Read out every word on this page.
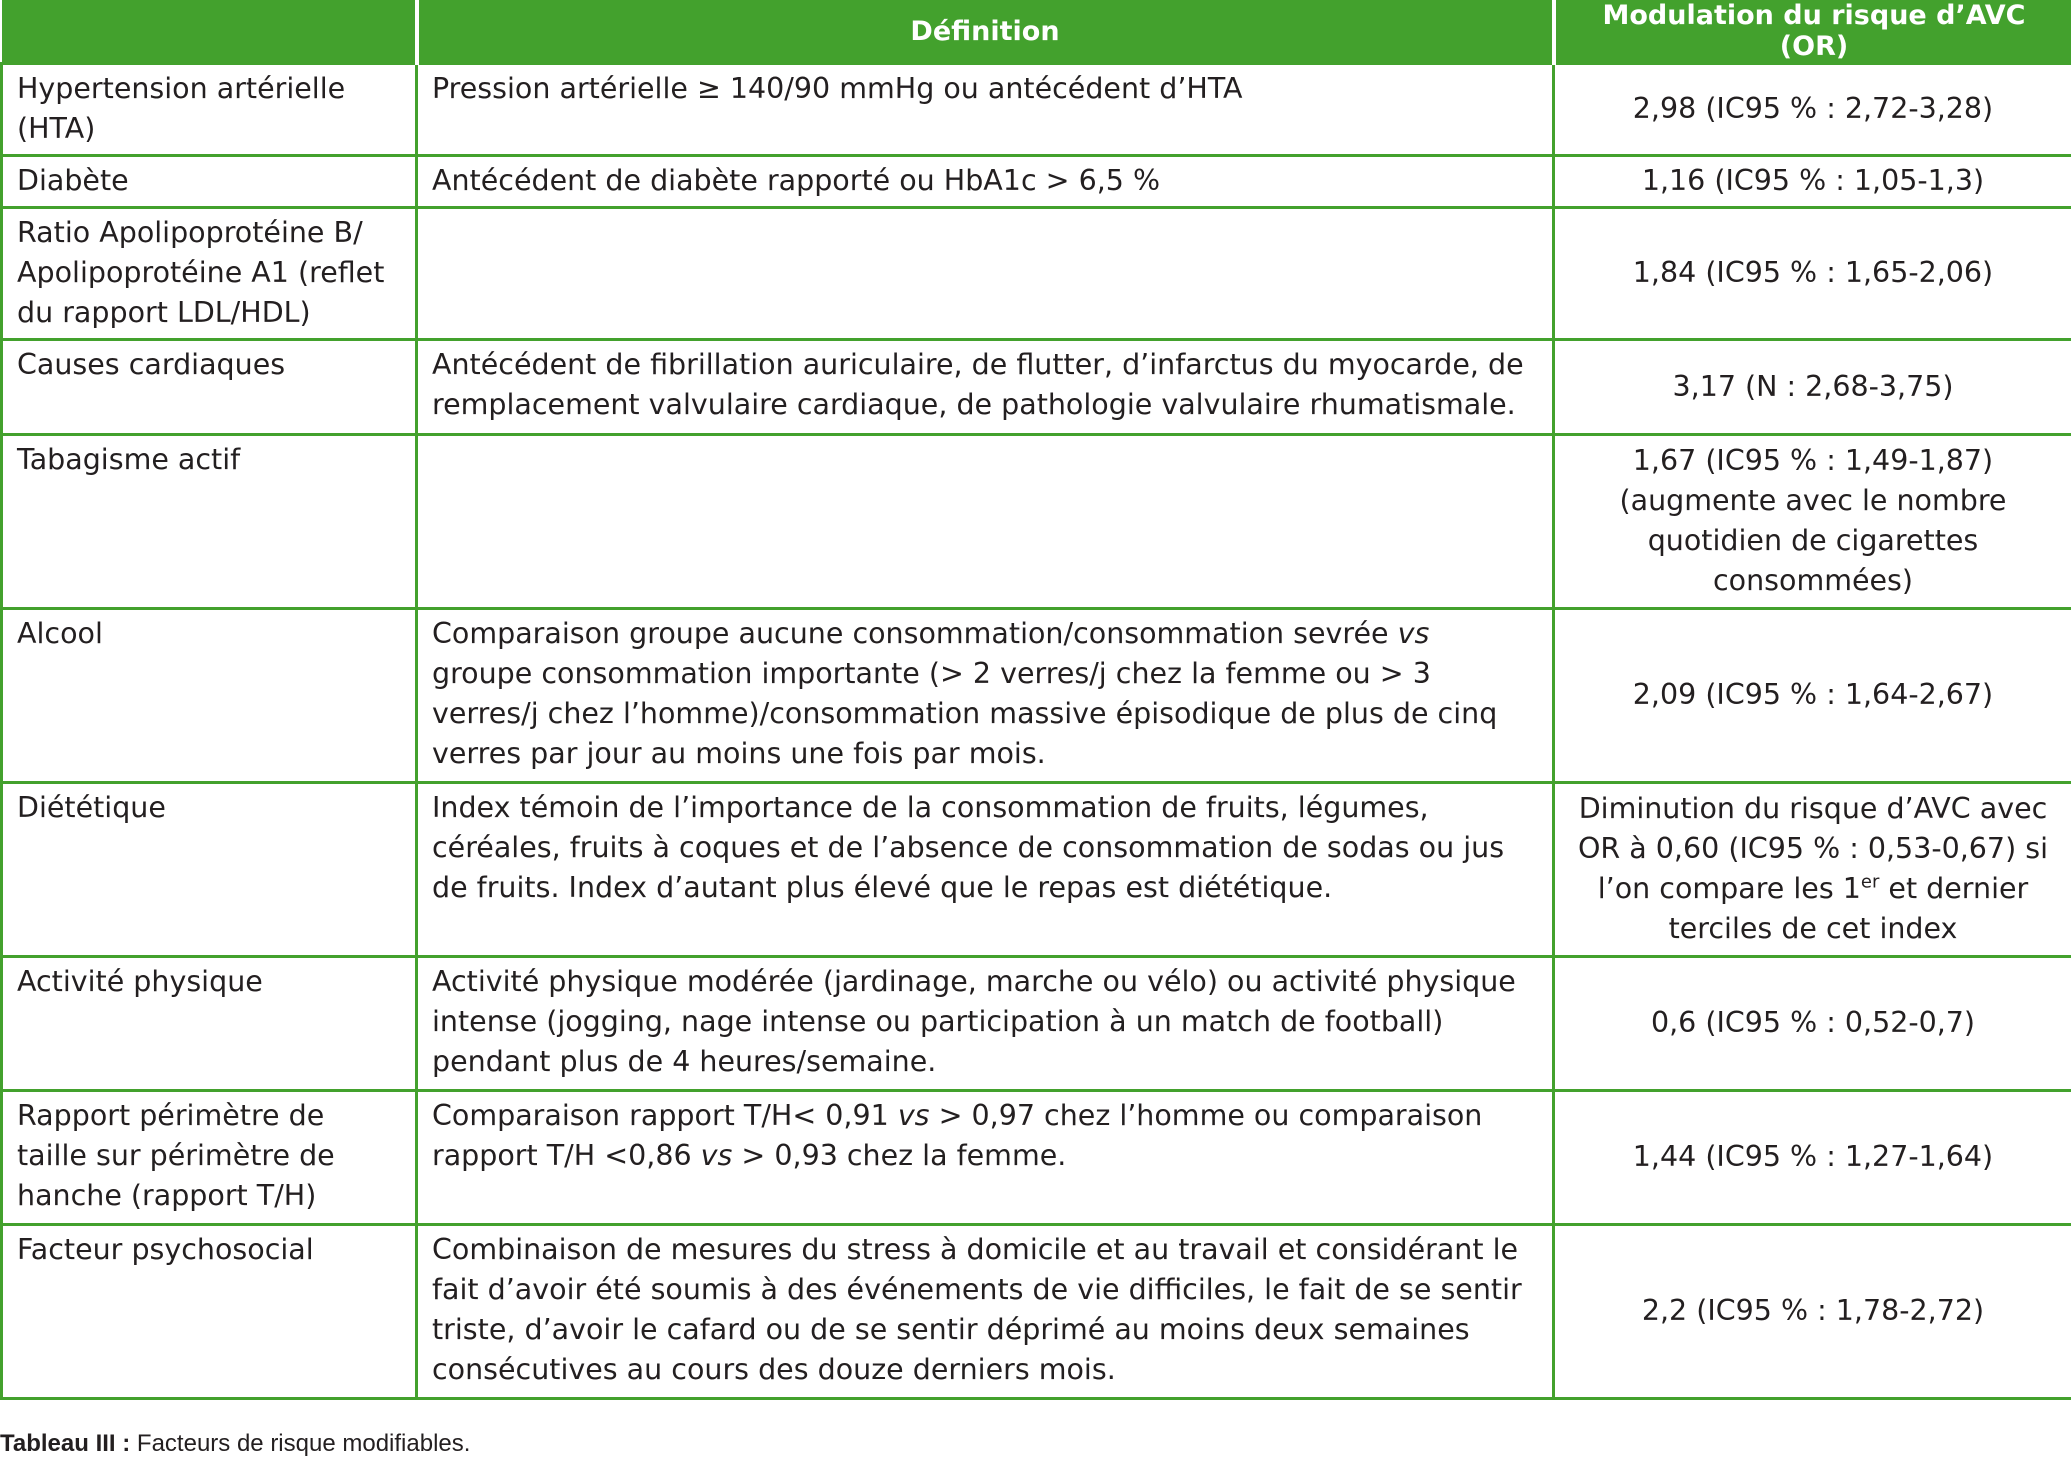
	Définition	Modulation du risque d’AVC (OR)
Hypertension artérielle (HTA)	Pression artérielle ≥ 140/90 mmHg ou antécédent d’HTA	2,98 (IC95 % : 2,72-3,28)
Diabète	Antécédent de diabète rapporté ou HbA1c > 6,5 %	1,16 (IC95 % : 1,05-1,3)
Ratio Apolipoprotéine B/ Apolipoprotéine A1 (reflet du rapport LDL/HDL)		1,84 (IC95 % : 1,65-2,06)
Causes cardiaques	Antécédent de fibrillation auriculaire, de flutter, d’infarctus du myocarde, de remplacement valvulaire cardiaque, de pathologie valvulaire rhumatismale.	3,17 (N : 2,68-3,75)
Tabagisme actif		1,67 (IC95 % : 1,49-1,87) (augmente avec le nombre quotidien de cigarettes consommées)
Alcool	Comparaison groupe aucune consommation/consommation sevrée vs groupe consommation importante (> 2 verres/j chez la femme ou > 3 verres/j chez l’homme)/consommation massive épisodique de plus de cinq verres par jour au moins une fois par mois.	2,09 (IC95 % : 1,64-2,67)
Diététique	Index témoin de l’importance de la consommation de fruits, légumes, céréales, fruits à coques et de l’absence de consommation de sodas ou jus de fruits. Index d’autant plus élevé que le repas est diététique.	Diminution du risque d’AVC avec OR à 0,60 (IC95 % : 0,53-0,67) si l’on compare les 1er et dernier terciles de cet index
Activité physique	Activité physique modérée (jardinage, marche ou vélo) ou activité physique intense (jogging, nage intense ou participation à un match de football) pendant plus de 4 heures/semaine.	0,6 (IC95 % : 0,52-0,7)
Rapport périmètre de taille sur périmètre de hanche (rapport T/H)	Comparaison rapport T/H< 0,91 vs > 0,97 chez l’homme ou comparaison rapport T/H <0,86 vs > 0,93 chez la femme.	1,44 (IC95 % : 1,27-1,64)
Facteur psychosocial	Combinaison de mesures du stress à domicile et au travail et considérant le fait d’avoir été soumis à des événements de vie difficiles, le fait de se sentir triste, d’avoir le cafard ou de se sentir déprimé au moins deux semaines consécutives au cours des douze derniers mois.	2,2 (IC95 % : 1,78-2,72)
Tableau III : Facteurs de risque modifiables.
